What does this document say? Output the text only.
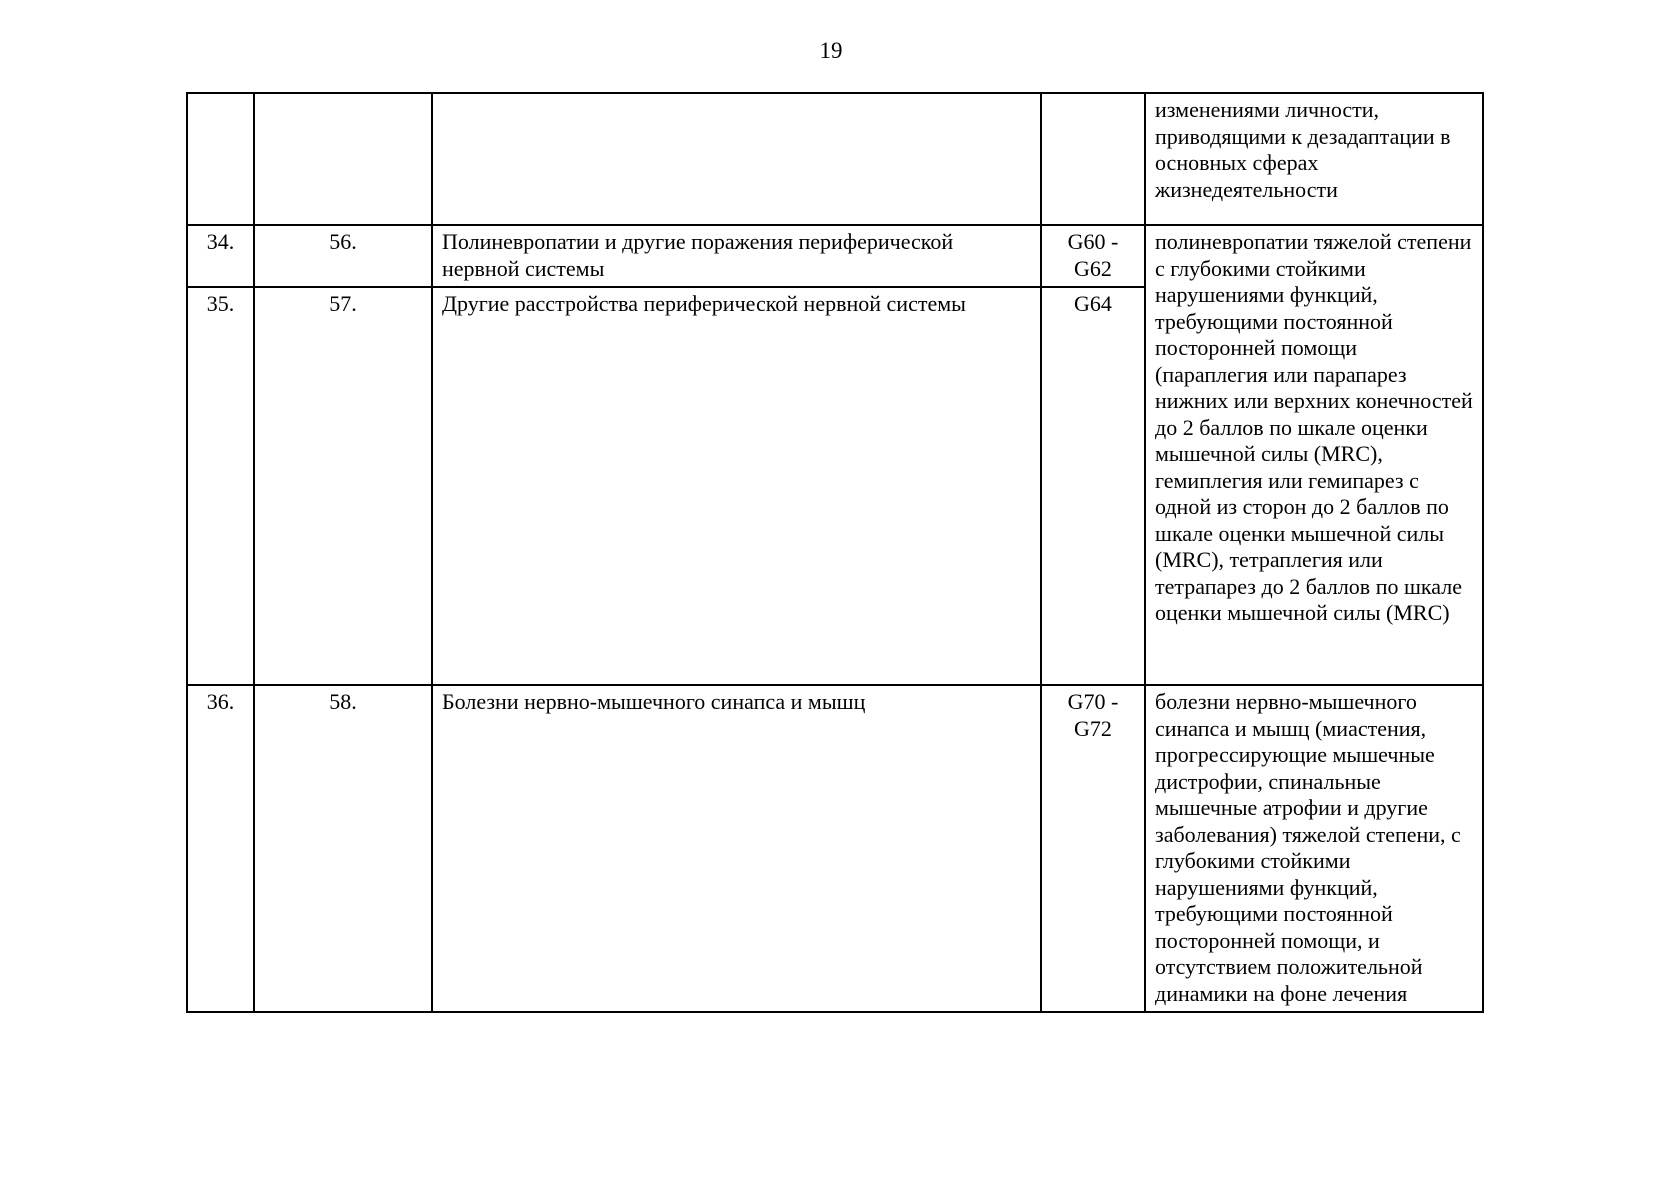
19
				изменениями личности, приводящими к дезадаптации в основных сферах жизнедеятельности
34.	56.	Полиневропатии и другие поражения периферической нервной системы	G60 - G62	полиневропатии тяжелой степени с глубокими стойкими нарушениями функций, требующими постоянной посторонней помощи (параплегия или парапарез нижних или верхних конечностей до 2 баллов по шкале оценки мышечной силы (MRC), гемиплегия или гемипарез с одной из сторон до 2 баллов по шкале оценки мышечной силы (MRC), тетраплегия или тетрапарез до 2 баллов по шкале оценки мышечной силы (MRC)
35.	57.	Другие расстройства периферической нервной системы	G64	
36.	58.	Болезни нервно-мышечного синапса и мышц	G70 - G72	болезни нервно-мышечного синапса и мышц (миастения, прогрессирующие мышечные дистрофии, спинальные мышечные атрофии и другие заболевания) тяжелой степени, с глубокими стойкими нарушениями функций, требующими постоянной посторонней помощи, и отсутствием положительной динамики на фоне лечения
